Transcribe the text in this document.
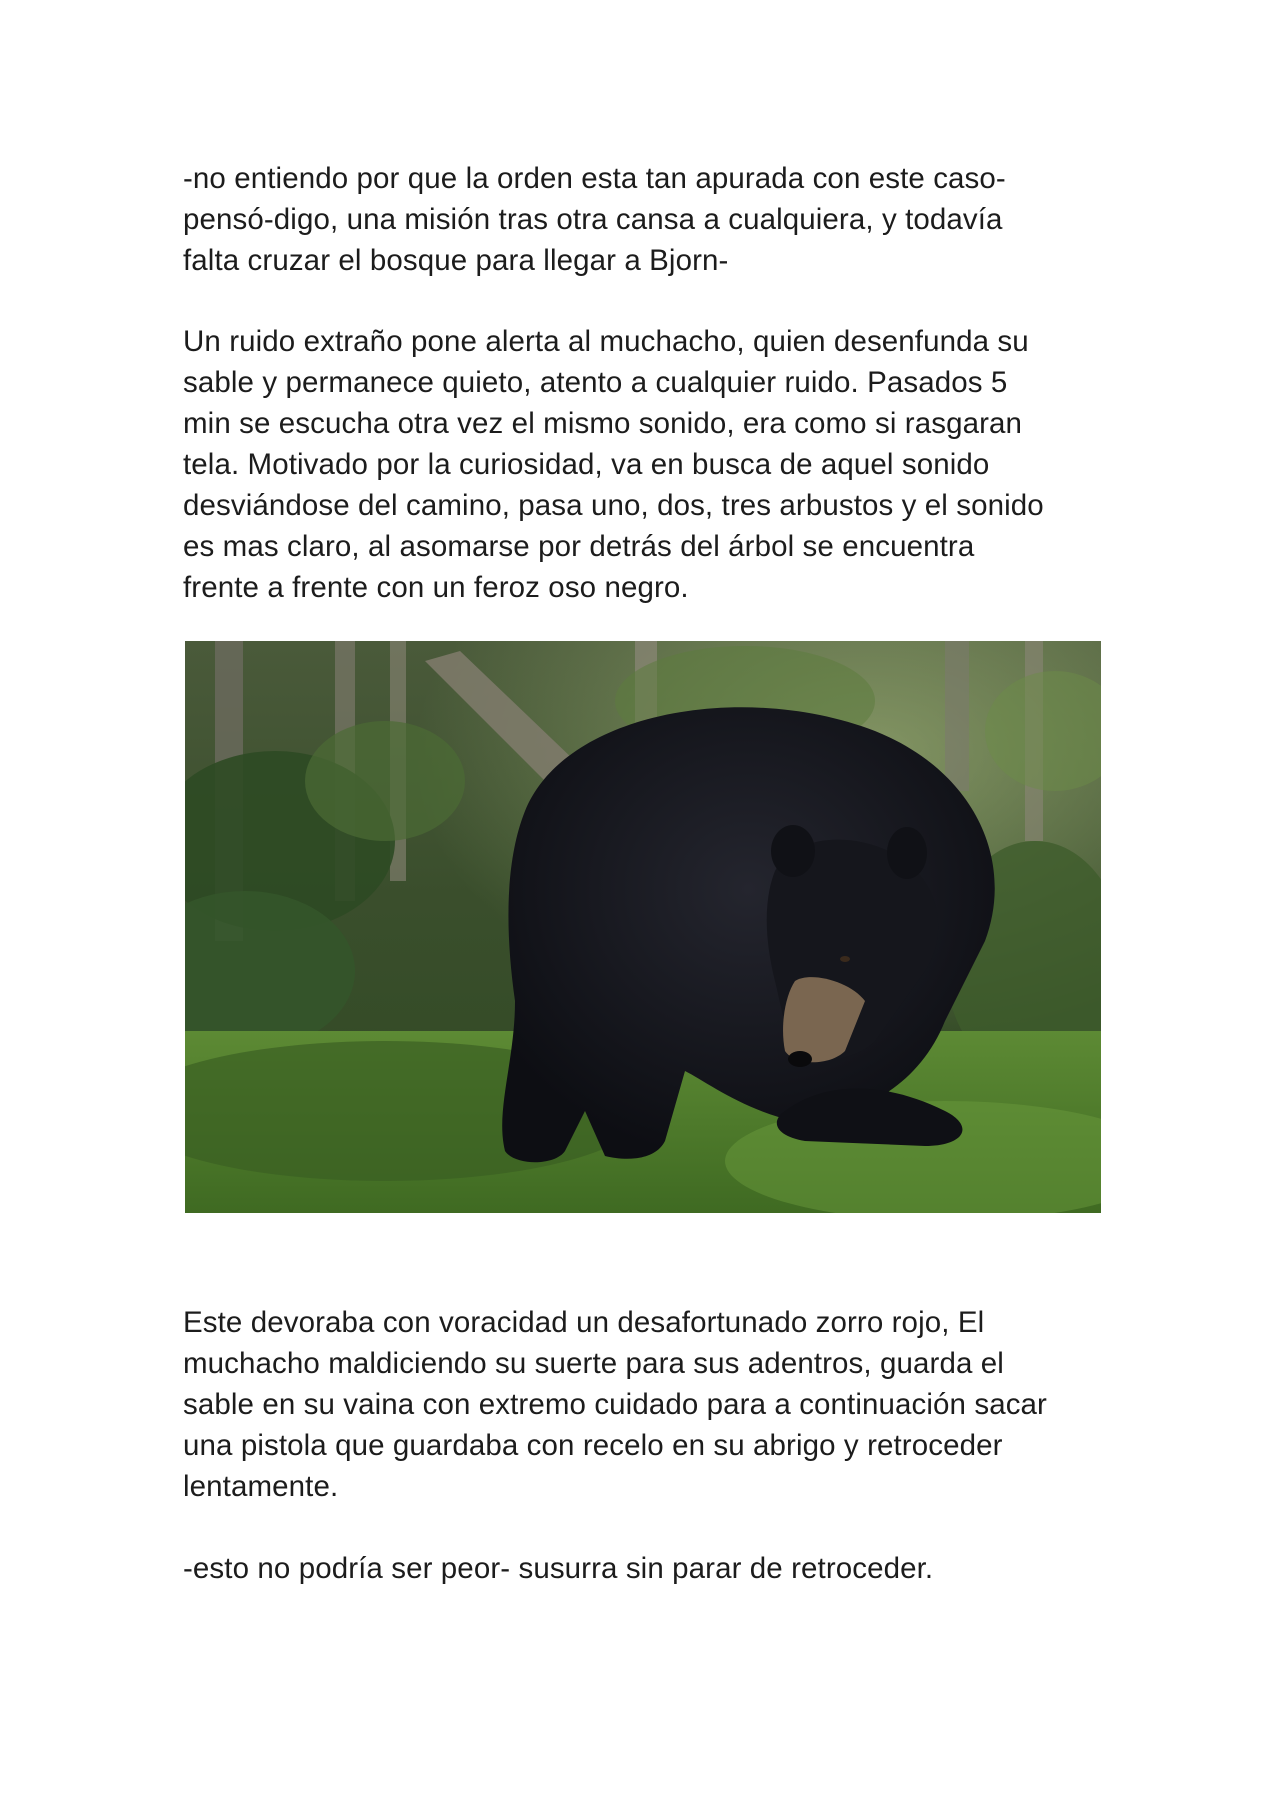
-no entiendo por que la orden esta tan apurada con este caso-
pensó-digo, una misión tras otra cansa a cualquiera, y todavía
falta cruzar el bosque para llegar a Bjorn-

Un ruido extraño pone alerta al muchacho, quien desenfunda su
sable y permanece quieto, atento a cualquier ruido. Pasados 5
min se escucha otra vez el mismo sonido, era como si rasgaran
tela. Motivado por la curiosidad, va en busca de aquel sonido
desviándose del camino, pasa uno, dos, tres arbustos y el sonido
es mas claro, al asomarse por detrás del árbol se encuentra
frente a frente con un feroz oso negro.

Este devoraba con voracidad un desafortunado zorro rojo, El
muchacho maldiciendo su suerte para sus adentros, guarda el
sable en su vaina con extremo cuidado para a continuación sacar
una pistola que guardaba con recelo en su abrigo y retroceder
lentamente.

-esto no podría ser peor- susurra sin parar de retroceder.
